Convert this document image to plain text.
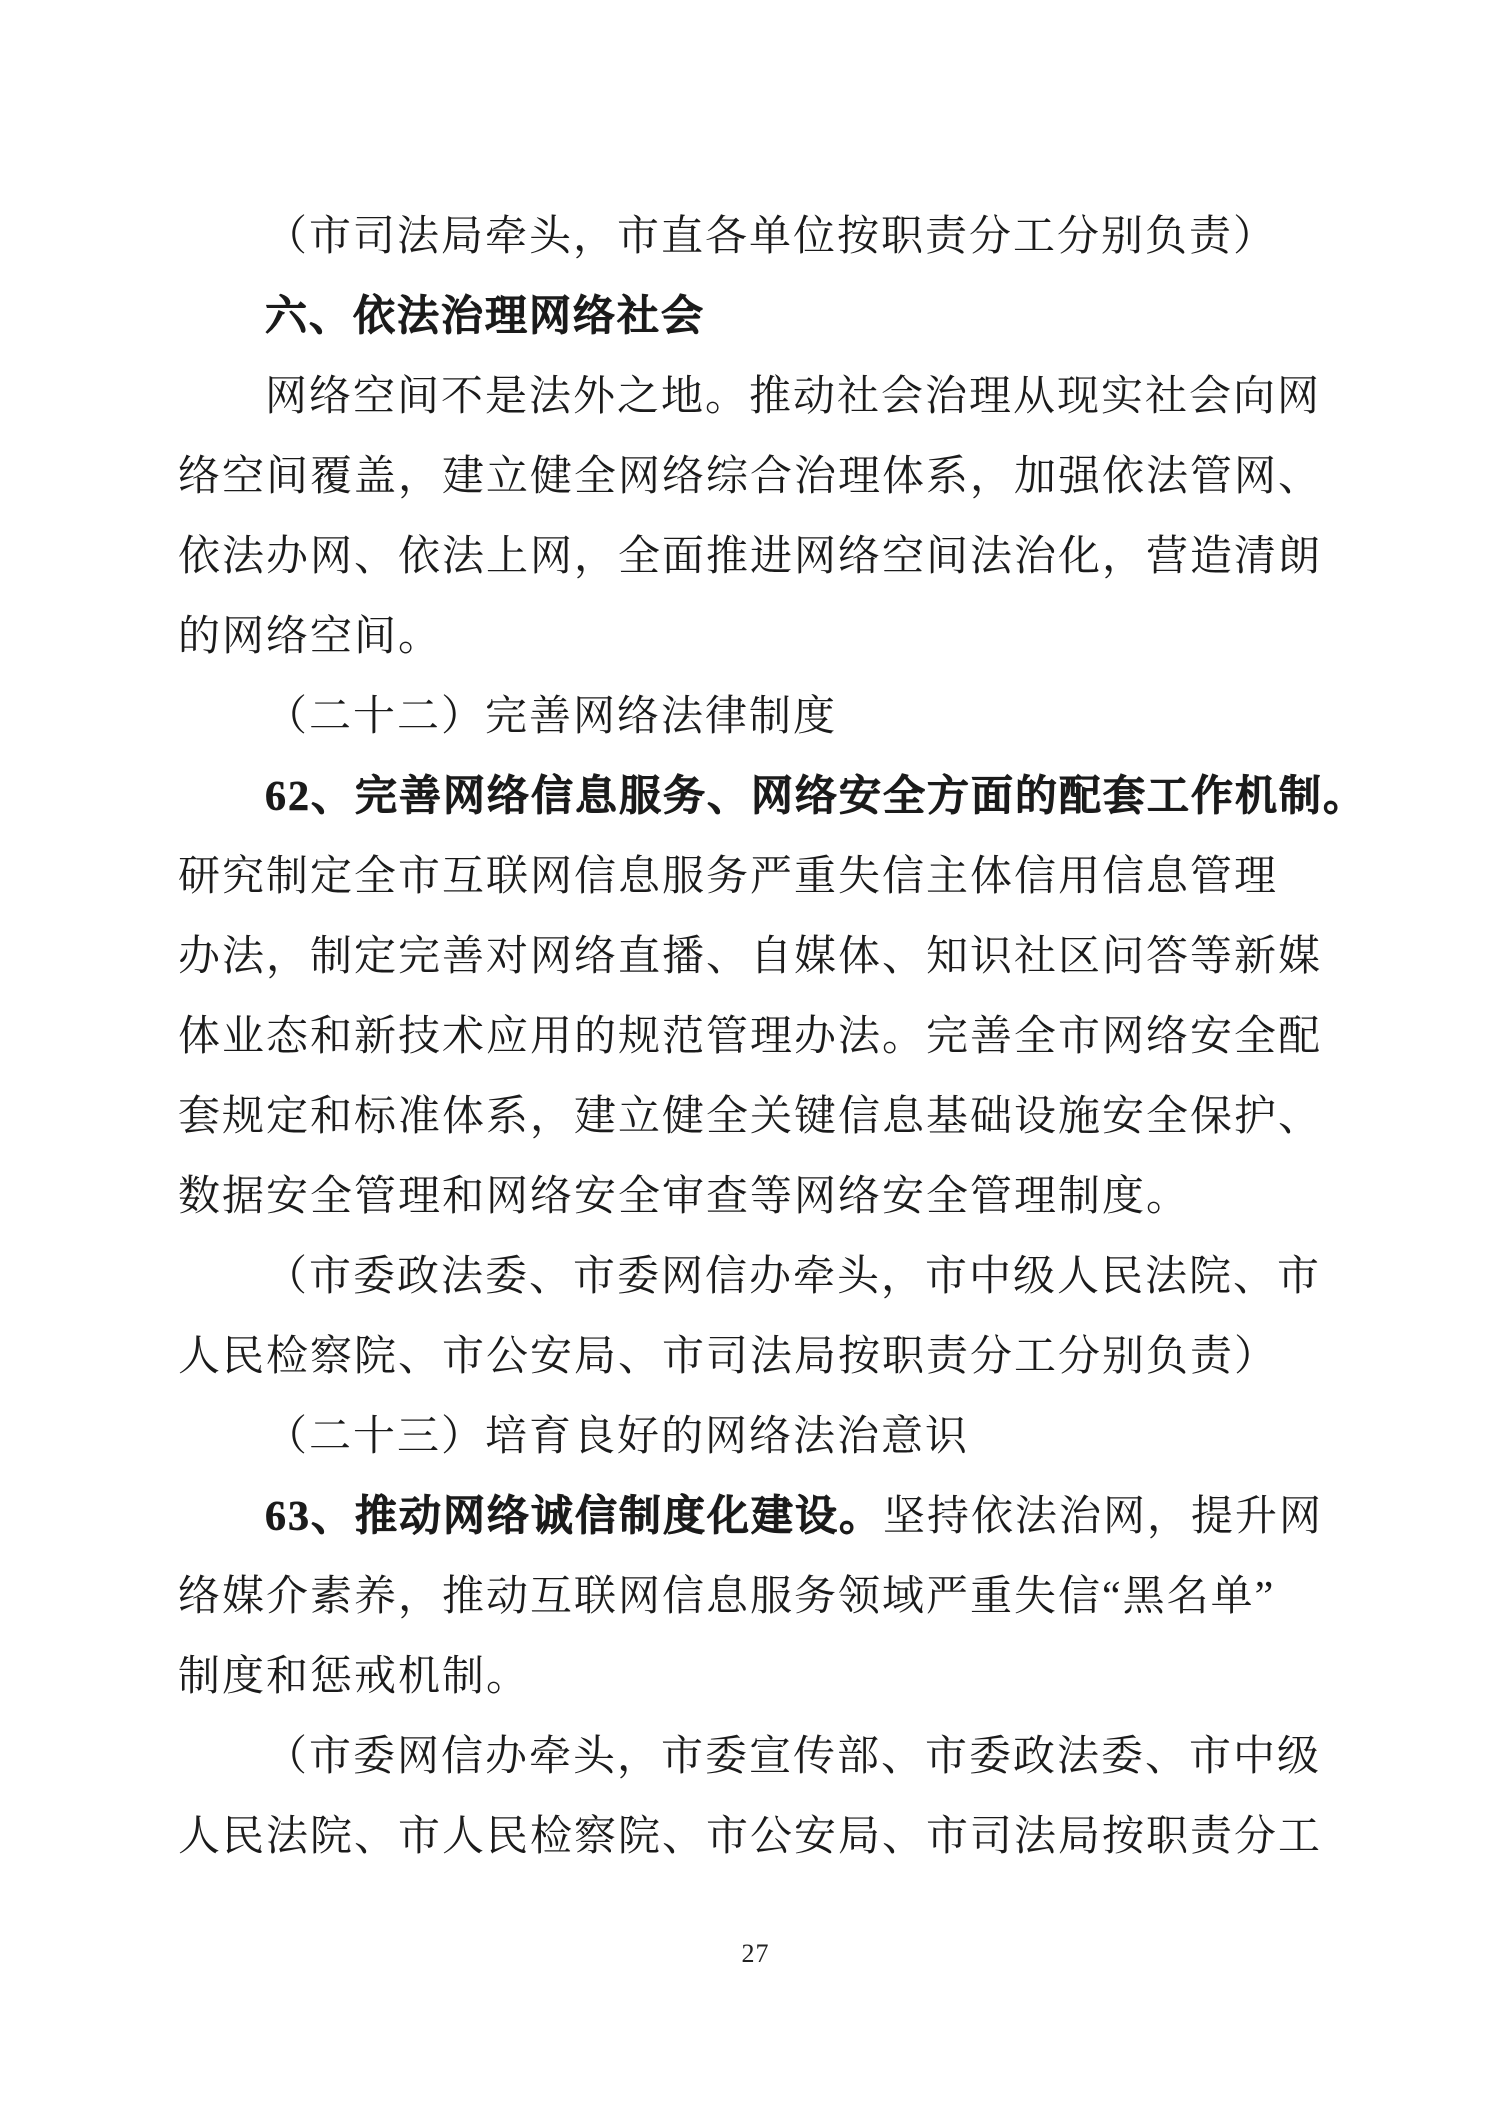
（市司法局牵头，市直各单位按职责分工分别负责）
六、依法治理网络社会
网络空间不是法外之地。推动社会治理从现实社会向网
络空间覆盖，建立健全网络综合治理体系，加强依法管网、
依法办网、依法上网，全面推进网络空间法治化，营造清朗
的网络空间。
（二十二）完善网络法律制度
62、完善网络信息服务、网络安全方面的配套工作机制。
研究制定全市互联网信息服务严重失信主体信用信息管理
办法，制定完善对网络直播、自媒体、知识社区问答等新媒
体业态和新技术应用的规范管理办法。完善全市网络安全配
套规定和标准体系，建立健全关键信息基础设施安全保护、
数据安全管理和网络安全审查等网络安全管理制度。
（市委政法委、市委网信办牵头，市中级人民法院、市
人民检察院、市公安局、市司法局按职责分工分别负责）
（二十三）培育良好的网络法治意识
63、推动网络诚信制度化建设。坚持依法治网，提升网
络媒介素养，推动互联网信息服务领域严重失信“黑名单”
制度和惩戒机制。
（市委网信办牵头，市委宣传部、市委政法委、市中级
人民法院、市人民检察院、市公安局、市司法局按职责分工
27
